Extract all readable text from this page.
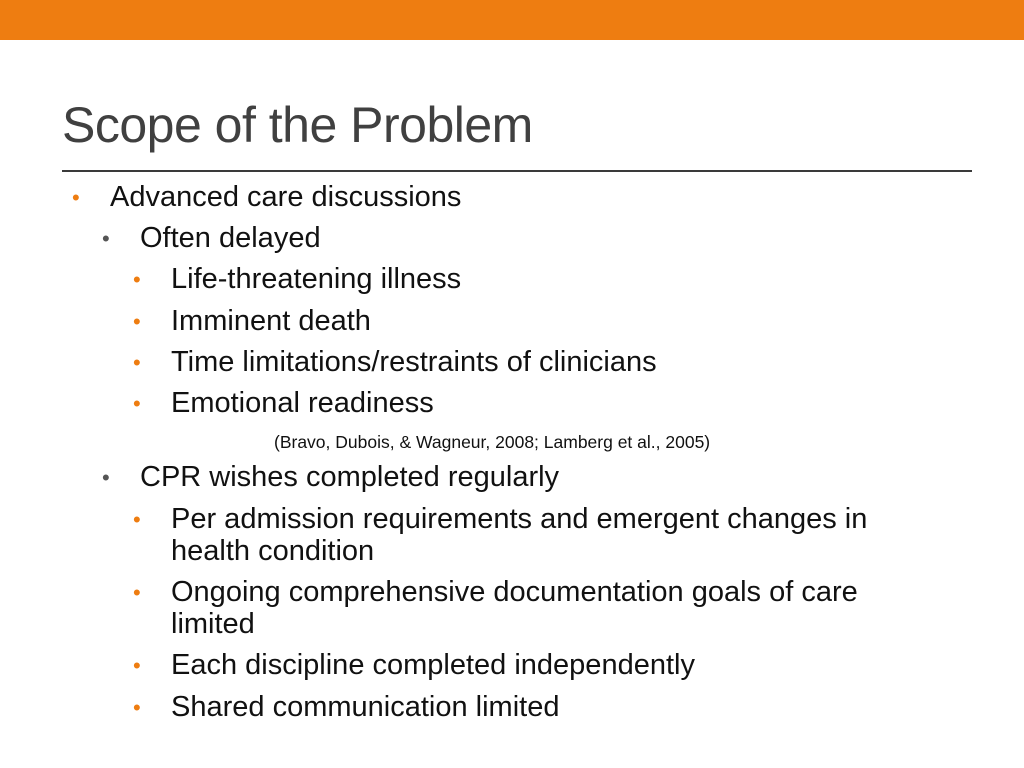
Scope of the Problem
• Advanced care discussions
• Often delayed
• Life-threatening illness
• Imminent death
• Time limitations/restraints of clinicians
• Emotional readiness
(Bravo, Dubois, & Wagneur, 2008; Lamberg et al., 2005)
• CPR wishes completed regularly
• Per admission requirements and emergent changes in
health condition
• Ongoing comprehensive documentation goals of care
limited
• Each discipline completed independently
• Shared communication limited
